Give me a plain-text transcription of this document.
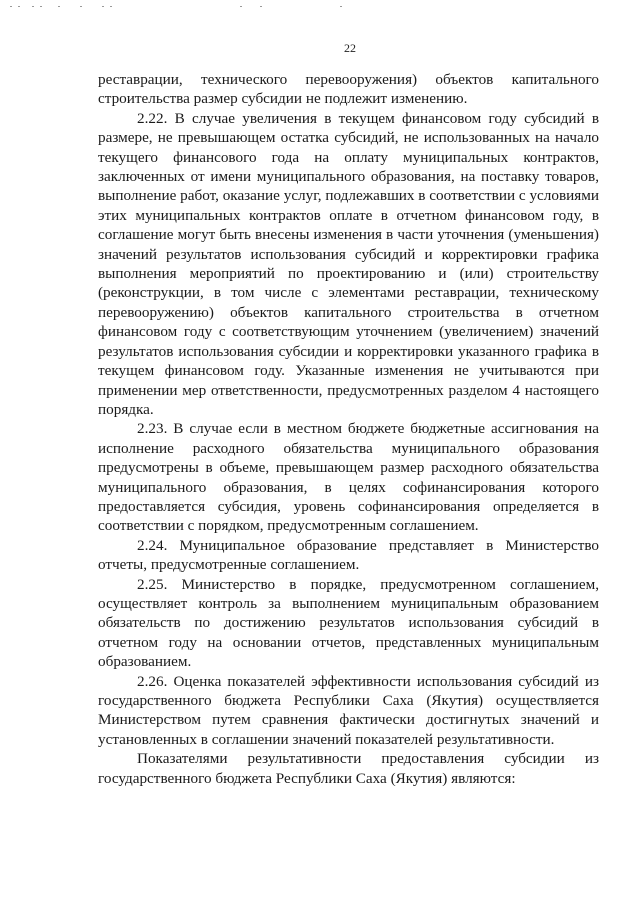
22

реставрации, технического перевооружения) объектов капитального строительства размер субсидии не подлежит изменению.

2.22. В случае увеличения в текущем финансовом году субсидий в размере, не превышающем остатка субсидий, не использованных на начало текущего финансового года на оплату муниципальных контрактов, заключенных от имени муниципального образования, на поставку товаров, выполнение работ, оказание услуг, подлежавших в соответствии с условиями этих муниципальных контрактов оплате в отчетном финансовом году, в соглашение могут быть внесены изменения в части уточнения (уменьшения) значений результатов использования субсидий и корректировки графика выполнения мероприятий по проектированию и (или) строительству (реконструкции, в том числе с элементами реставрации, техническому перевооружению) объектов капитального строительства в отчетном финансовом году с соответствующим уточнением (увеличением) значений результатов использования субсидии и корректировки указанного графика в текущем финансовом году. Указанные изменения не учитываются при применении мер ответственности, предусмотренных разделом 4 настоящего порядка.

2.23. В случае если в местном бюджете бюджетные ассигнования на исполнение расходного обязательства муниципального образования предусмотрены в объеме, превышающем размер расходного обязательства муниципального образования, в целях софинансирования которого предоставляется субсидия, уровень софинансирования определяется в соответствии с порядком, предусмотренным соглашением.

2.24. Муниципальное образование представляет в Министерство отчеты, предусмотренные соглашением.

2.25. Министерство в порядке, предусмотренном соглашением, осуществляет контроль за выполнением муниципальным образованием обязательств по достижению результатов использования субсидий в отчетном году на основании отчетов, представленных муниципальным образованием.

2.26. Оценка показателей эффективности использования субсидий из государственного бюджета Республики Саха (Якутия) осуществляется Министерством путем сравнения фактически достигнутых значений и установленных в соглашении значений показателей результативности.

Показателями результативности предоставления субсидии из государственного бюджета Республики Саха (Якутия) являются:
